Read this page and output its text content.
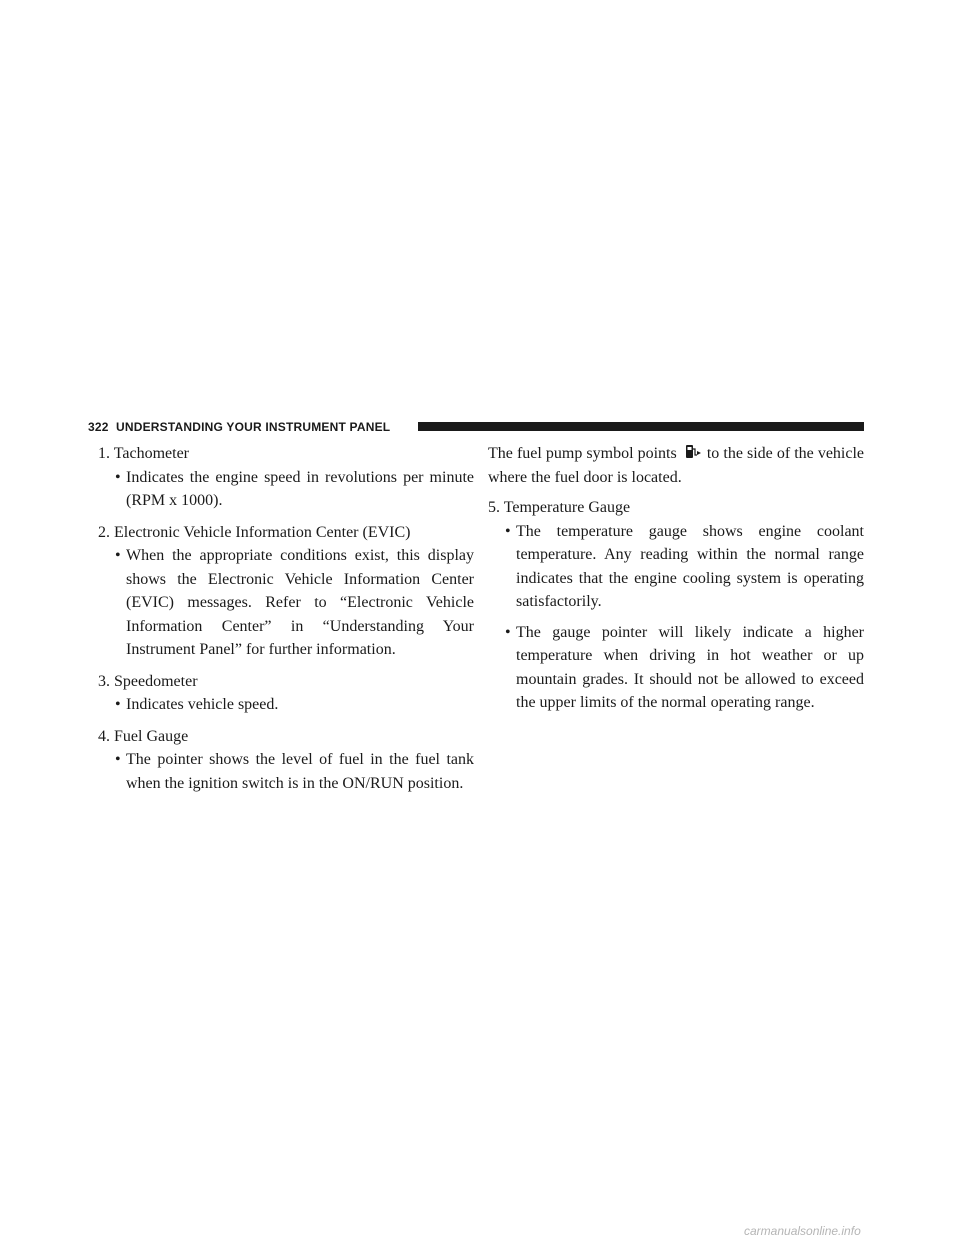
322 UNDERSTANDING YOUR INSTRUMENT PANEL
1. Tachometer
• Indicates the engine speed in revolutions per minute (RPM x 1000).
2. Electronic Vehicle Information Center (EVIC)
• When the appropriate conditions exist, this display shows the Electronic Vehicle Information Center (EVIC) messages. Refer to “Electronic Vehicle Information Center” in “Understanding Your Instrument Panel” for further information.
3. Speedometer
• Indicates vehicle speed.
4. Fuel Gauge
• The pointer shows the level of fuel in the fuel tank when the ignition switch is in the ON/RUN position.

The fuel pump symbol points to the side of the vehicle where the fuel door is located.

5. Temperature Gauge
• The temperature gauge shows engine coolant temperature. Any reading within the normal range indicates that the engine cooling system is operating satisfactorily.
• The gauge pointer will likely indicate a higher temperature when driving in hot weather or up mountain grades. It should not be allowed to exceed the upper limits of the normal operating range.
carmanualsonline.info
